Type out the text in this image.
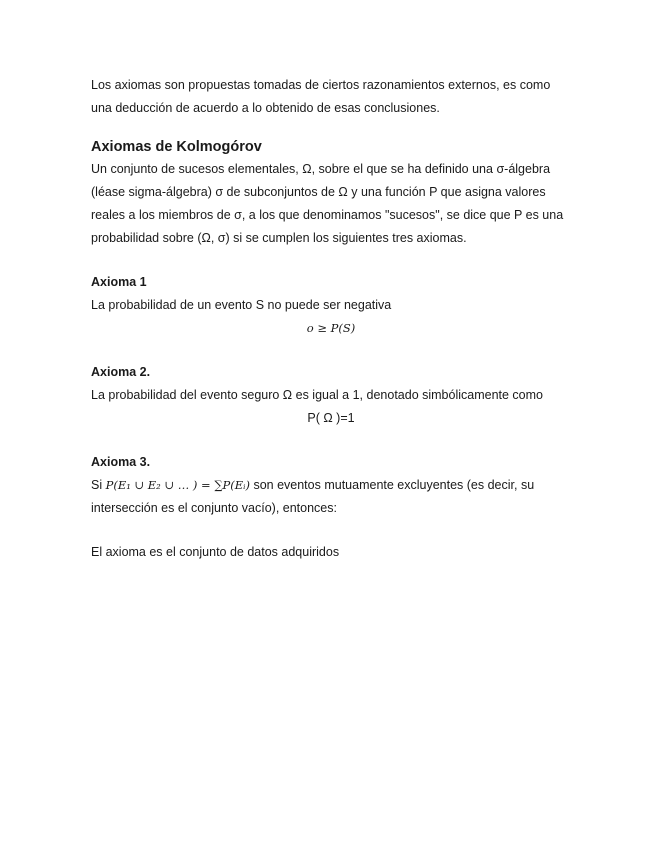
Los axiomas son propuestas tomadas de ciertos razonamientos externos, es como una deducción de acuerdo a lo obtenido de esas conclusiones.

Axiomas de Kolmogórov

Un conjunto de sucesos elementales, Ω, sobre el que se ha definido una σ-álgebra (léase sigma-álgebra) σ de subconjuntos de Ω y una función P que asigna valores reales a los miembros de σ, a los que denominamos "sucesos", se dice que P es una probabilidad sobre (Ω, σ) si se cumplen los siguientes tres axiomas.

Axioma 1

La probabilidad de un evento S no puede ser negativa

o ≥ P(S)

Axioma 2.

La probabilidad del evento seguro Ω es igual a 1, denotado simbólicamente como

P( Ω )=1

Axioma 3.

Si P(E₁ ∪ E₂ ∪ … ) = ∑P(Eᵢ) son eventos mutuamente excluyentes (es decir, su intersección es el conjunto vacío), entonces:

El axioma es el conjunto de datos adquiridos
